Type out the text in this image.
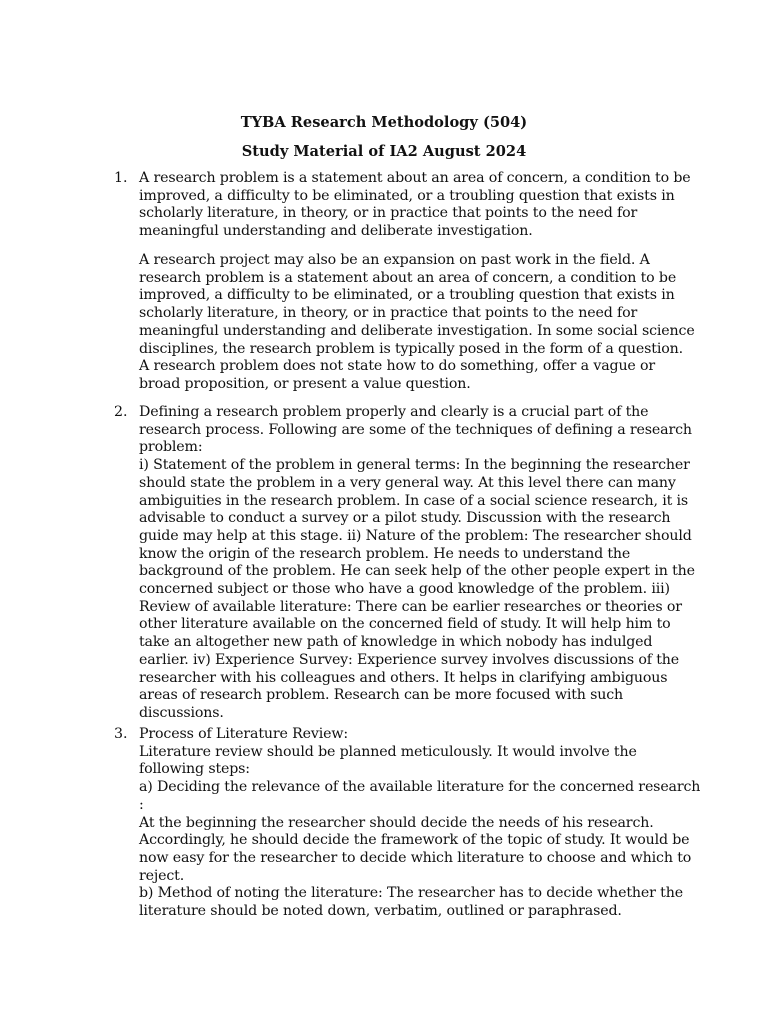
TYBA Research Methodology (504)
Study Material of IA2 August 2024
1. A research problem is a statement about an area of concern, a condition to be
improved, a difficulty to be eliminated, or a troubling question that exists in
scholarly literature, in theory, or in practice that points to the need for
meaningful understanding and deliberate investigation.
A research project may also be an expansion on past work in the field. A
research problem is a statement about an area of concern, a condition to be
improved, a difficulty to be eliminated, or a troubling question that exists in
scholarly literature, in theory, or in practice that points to the need for
meaningful understanding and deliberate investigation. In some social science
disciplines, the research problem is typically posed in the form of a question.
A research problem does not state how to do something, offer a vague or
broad proposition, or present a value question.
2. Defining a research problem properly and clearly is a crucial part of the
research process. Following are some of the techniques of defining a research
problem:
i) Statement of the problem in general terms: In the beginning the researcher
should state the problem in a very general way. At this level there can many
ambiguities in the research problem. In case of a social science research, it is
advisable to conduct a survey or a pilot study. Discussion with the research
guide may help at this stage. ii) Nature of the problem: The researcher should
know the origin of the research problem. He needs to understand the
background of the problem. He can seek help of the other people expert in the
concerned subject or those who have a good knowledge of the problem. iii)
Review of available literature: There can be earlier researches or theories or
other literature available on the concerned field of study. It will help him to
take an altogether new path of knowledge in which nobody has indulged
earlier. iv) Experience Survey: Experience survey involves discussions of the
researcher with his colleagues and others. It helps in clarifying ambiguous
areas of research problem. Research can be more focused with such
discussions.
3. Process of Literature Review:
Literature review should be planned meticulously. It would involve the
following steps:
a) Deciding the relevance of the available literature for the concerned research
:
At the beginning the researcher should decide the needs of his research.
Accordingly, he should decide the framework of the topic of study. It would be
now easy for the researcher to decide which literature to choose and which to
reject.
b) Method of noting the literature: The researcher has to decide whether the
literature should be noted down, verbatim, outlined or paraphrased.
